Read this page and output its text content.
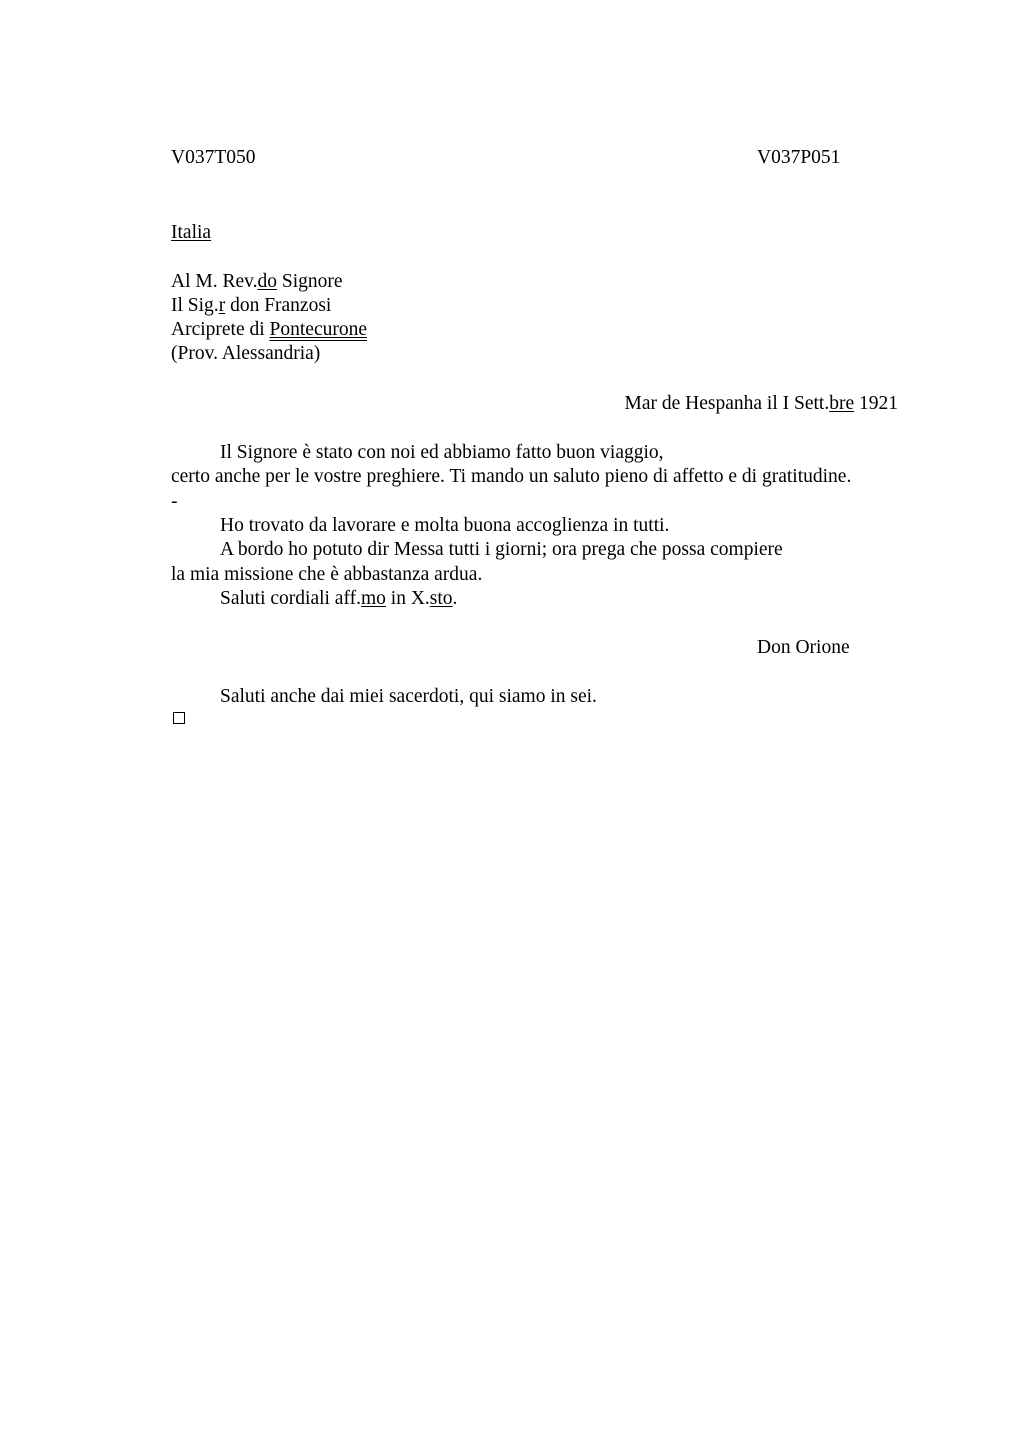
V037T050	V037P051
Italia
Al M. Rev.do Signore
Il Sig.r don Franzosi
Arciprete di Pontecurone
(Prov. Alessandria)
Mar de Hespanha il I Sett.bre 1921
Il Signore è stato con noi ed abbiamo fatto buon viaggio,
certo anche per le vostre preghiere. Ti mando un saluto pieno di affetto e di gratitudine.
-
Ho trovato da lavorare e molta buona accoglienza in tutti.
A bordo ho potuto dir Messa tutti i giorni; ora prega che possa compiere
la mia missione che è abbastanza ardua.
Saluti cordiali aff.mo in X.sto.
Don Orione
Saluti anche dai miei sacerdoti, qui siamo in sei.
